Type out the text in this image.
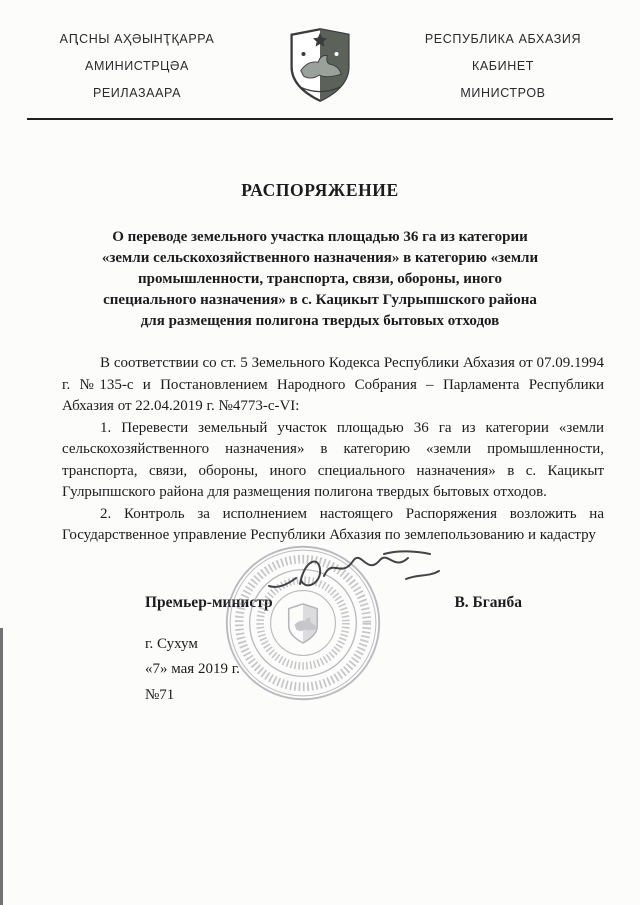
АԤСНЫ АҲӘЫНҬҚАРРА
АМИНИСТРЦӘА
РЕИЛАЗААРА
РЕСПУБЛИКА АБХАЗИЯ
КАБИНЕТ
МИНИСТРОВ
РАСПОРЯЖЕНИЕ
О переводе земельного участка площадью 36 га из категории «земли сельскохозяйственного назначения» в категорию «земли промышленности, транспорта, связи, обороны, иного специального назначения» в с. Кацикыт Гулрыпшского района для размещения полигона твердых бытовых отходов

В соответствии со ст. 5 Земельного Кодекса Республики Абхазия от 07.09.1994 г. №135-с и Постановлением Народного Собрания – Парламента Республики Абхазия от 22.04.2019 г. №4773-с-VI:

1. Перевести земельный участок площадью 36 га из категории «земли сельскохозяйственного назначения» в категорию «земли промышленности, транспорта, связи, обороны, иного специального назначения» в с. Кацикыт Гулрыпшского района для размещения полигона твердых бытовых отходов.

2. Контроль за исполнением настоящего Распоряжения возложить на Государственное управление Республики Абхазия по землепользованию и кадастру

Премьер-министр	В. Бганба
г. Сухум
«7» мая 2019 г.
№71
